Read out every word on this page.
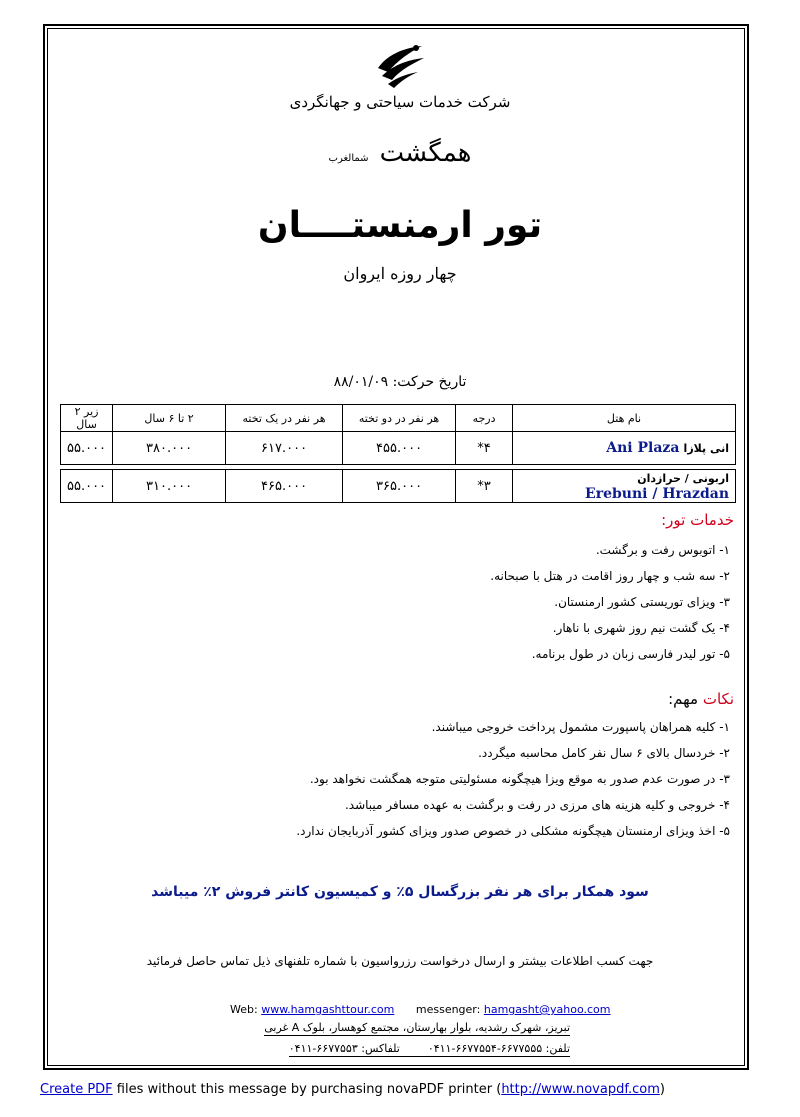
شرکت خدمات سیاحتی و جهانگردی
همگشت شمالغرب
تور ارمنستــــان
چهار روزه ایروان
تاریخ حرکت: ۸۸/۰۱/۰۹
نام هتل	درجه	هر نفر در دو تخته	هر نفر در یک تخته	۲ تا ۶ سال	زیر ۲ سال
انی پلازا Ani Plaza	۴*	۴۵۵.۰۰۰	۶۱۷.۰۰۰	۳۸۰.۰۰۰	۵۵.۰۰۰

اربونی / حرازدان Erebuni / Hrazdan	۳*	۳۶۵.۰۰۰	۴۶۵.۰۰۰	۳۱۰.۰۰۰	۵۵.۰۰۰
خدمات تور:
۱- اتوبوس رفت و برگشت.
۲- سه شب و چهار روز اقامت در هتل با صبحانه.
۳- ویزای توریستی کشور ارمنستان.
۴- یک گشت نیم روز شهری با ناهار.
۵- تور لیدر فارسی زبان در طول برنامه.
نکات مهم:
۱- کلیه همراهان پاسپورت مشمول پرداخت خروجی میباشند.
۲- خردسال بالای ۶ سال نفر کامل محاسبه میگردد.
۳- در صورت عدم صدور به موقع ویزا هیچگونه مسئولیتی متوجه همگشت نخواهد بود.
۴- خروجی و کلیه هزینه های مرزی در رفت و برگشت به عهده مسافر میباشد.
۵- اخذ ویزای ارمنستان هیچگونه مشکلی در خصوص صدور ویزای کشور آذربایجان ندارد.
سود همکار برای هر نفر بزرگسال ۵٪ و کمیسیون کانتر فروش ۲٪ میباشد
جهت کسب اطلاعات بیشتر و ارسال درخواست رزرواسیون با شماره تلفنهای ذیل تماس حاصل فرمائید
Web: www.hamgashttour.com messenger: hamgasht@yahoo.com
تبریز، شهرک رشدیه، بلوار بهارستان، مجتمع کوهسار، بلوک A غربی
تلفن: ۶۶۷۷۵۵۵-۶۶۷۷۵۵۴-۰۴۱۱        تلفاکس: ۶۶۷۷۵۵۳-۰۴۱۱
Create PDF files without this message by purchasing novaPDF printer (http://www.novapdf.com)
